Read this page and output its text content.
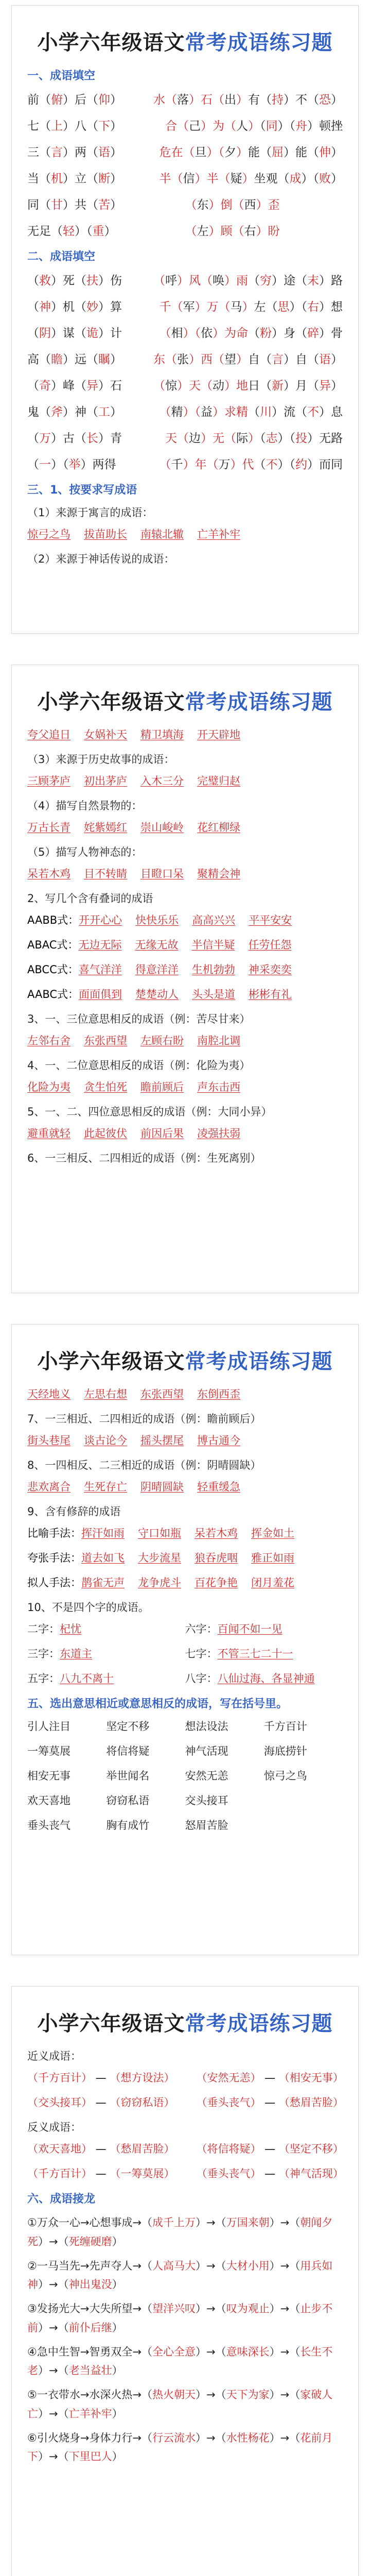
小学六年级语文常考成语练习题
一、成语填空
前（俯）后（仰）	水（落）石（出）有（持）不（恐）
七（上）八（下）	合（己）为（人）（同）（舟）顿挫
三（言）两（语）	危在（旦）（夕）能（屈）能（伸）
当（机）立（断）	半（信）半（疑）坐观（成）（败）
同（甘）共（苦）	（东）倒（西）歪
无足（轻）（重）	（左）顾（右）盼
二、成语填空
（救）死（扶）伤	（呼）风（唤）雨（穷）途（末）路
（神）机（妙）算	千（军）万（马）左（思）（右）想
（阴）谋（诡）计	（相）（依）为命（粉）身（碎）骨
高（瞻）远（瞩）	东（张）西（望）自（言）自（语）
（奇）峰（异）石	（惊）天（动）地日（新）月（异）
鬼（斧）神（工）	（精）（益）求精（川）流（不）息
（万）古（长）青	天（边）无（际）（志）（投）无路
（一）（举）两得	（千）年（万）代（不）（约）而同
三、1、按要求写成语
（1）来源于寓言的成语：
惊弓之鸟 拔苗助长 南辕北辙 亡羊补牢
（2）来源于神话传说的成语：
小学六年级语文常考成语练习题
夸父追日 女娲补天 精卫填海 开天辟地
（3）来源于历史故事的成语：
三顾茅庐 初出茅庐 入木三分 完璧归赵
（4）描写自然景物的：
万古长青 姹紫嫣红 崇山峻岭 花红柳绿
（5）描写人物神态的：
呆若木鸡 目不转睛 目瞪口呆 聚精会神
2、写几个含有叠词的成语
AABB式：开开心心 快快乐乐 高高兴兴 平平安安
ABAC式：无边无际 无缘无故 半信半疑 任劳任怨
ABCC式：喜气洋洋 得意洋洋 生机勃勃 神采奕奕
AABC式：面面俱到 楚楚动人 头头是道 彬彬有礼
3、一、三位意思相反的成语（例：苦尽甘来）
左邻右舍 东张西望 左顾右盼 南腔北调
4、一、二位意思相反的成语（例：化险为夷）
化险为夷 贪生怕死 瞻前顾后 声东击西
5、一、二、四位意思相反的成语（例：大同小异）
避重就轻 此起彼伏 前因后果 凌强扶弱
6、一三相反、二四相近的成语（例：生死离别）
小学六年级语文常考成语练习题
天经地义 左思右想 东张西望 东倒西歪
7、一三相近、二四相近的成语（例：瞻前顾后）
街头巷尾 谈古论今 摇头摆尾 博古通今
8、一四相反、二三相近的成语（例：阴晴圆缺）
悲欢离合 生死存亡 阴晴圆缺 轻重缓急
9、含有修辞的成语
比喻手法：挥汗如雨 守口如瓶 呆若木鸡 挥金如土
夸张手法：道去如飞 大步流星 狼吞虎咽 雅正如雨
拟人手法：鹊雀无声 龙争虎斗 百花争艳 闭月羞花
10、不是四个字的成语。
二字：杞忧	六字：百闻不如一见
三字：东道主	七字：不管三七二十一
五字：八九不离十	八字：八仙过海、各显神通
五、选出意思相近或意思相反的成语，写在括号里。
引人注目	坚定不移	想法设法	千方百计
一筹莫展	将信将疑	神气活现	海底捞针
相安无事	举世闻名	安然无恙	惊弓之鸟
欢天喜地	窃窃私语	交头接耳
垂头丧气	胸有成竹	怒眉苦脸
小学六年级语文常考成语练习题
近义成语：
（千方百计） — （想方设法）   （安然无恙） — （相安无事）
（交头接耳） — （窃窃私语）   （垂头丧气） — （愁眉苦脸）
反义成语：
（欢天喜地） — （愁眉苦脸）   （将信将疑） — （坚定不移）
（千方百计） — （一筹莫展）   （垂头丧气） — （神气活现）
六、成语接龙
①万众一心→心想事成→（成千上万）→（万国来朝）→（朝闻夕死）→（死缠硬磨）
②一马当先→先声夺人→（人高马大）→（大材小用）→（用兵如神）→（神出鬼没）
③发扬光大→大失所望→（望洋兴叹）→（叹为观止）→（止步不前）→（前仆后继）
④急中生智→智勇双全→（全心全意）→（意味深长）→（长生不老）→（老当益壮）
⑤一衣带水→水深火热→（热火朝天）→（天下为家）→（家破人亡）→（亡羊补牢）
⑥引火烧身→身体力行→（行云流水）→（水性杨花）→（花前月下）→（下里巴人）
